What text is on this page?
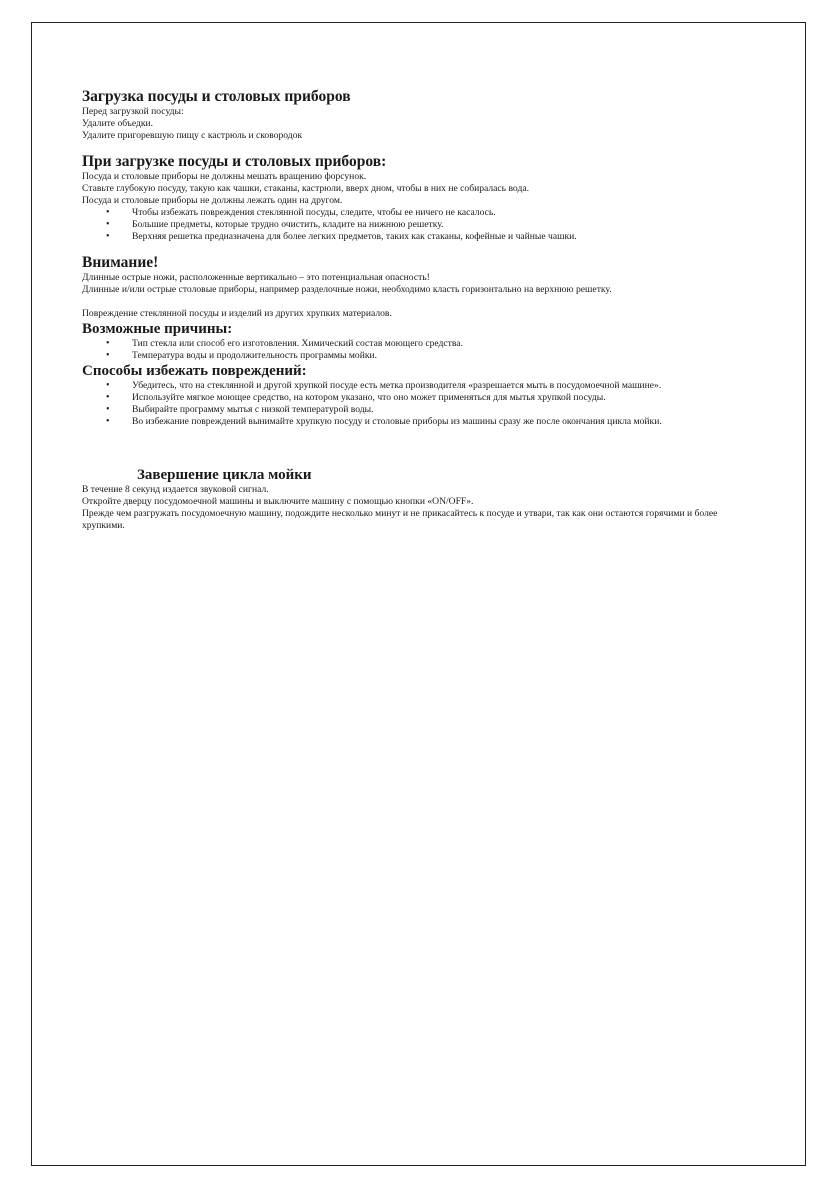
Загрузка посуды и столовых приборов

Перед загрузкой посуды:

Удалите объедки.

Удалите пригоревшую пищу с кастрюль и сковородок

При загрузке посуды и столовых приборов:

Посуда и столовые приборы не должны мешать вращению форсунок.

Ставьте глубокую посуду, такую как чашки, стаканы, кастрюли, вверх дном, чтобы в них не собиралась вода.

Посуда и столовые приборы не должны лежать один на другом.

• Чтобы избежать повреждения стеклянной посуды, следите, чтобы ее ничего не касалось.
• Большие предметы, которые трудно очистить, кладите на нижнюю решетку.
• Верхняя решетка предназначена для более легких предметов, таких как стаканы, кофейные и чайные чашки.
Внимание!

Длинные острые ножи, расположенные вертикально – это потенциальная опасность!

Длинные и/или острые столовые приборы, например разделочные ножи, необходимо класть горизонтально на верхнюю решетку.

Повреждение стеклянной посуды и изделий из других хрупких материалов.

Возможные причины:
• Тип стекла или способ его изготовления. Химический состав моющего средства.
• Температура воды и продолжительность программы мойки.
Способы избежать повреждений:
• Убедитесь, что на стеклянной и другой хрупкой посуде есть метка производителя «разрешается мыть в посудомоечной машине».
• Используйте мягкое моющее средство, на котором указано, что оно может применяться для мытья хрупкой посуды.
• Выбирайте программу мытья с низкой температурой воды.
• Во избежание повреждений вынимайте хрупкую посуду и столовые приборы из машины сразу же после окончания цикла мойки.
Завершение цикла мойки

В течение 8 секунд издается звуковой сигнал.

Откройте дверцу посудомоечной машины и выключите машину с помощью кнопки «ON/OFF».

Прежде чем разгружать посудомоечную машину, подождите несколько минут и не прикасайтесь к посуде и утвари, так как они остаются горячими и более хрупкими.
